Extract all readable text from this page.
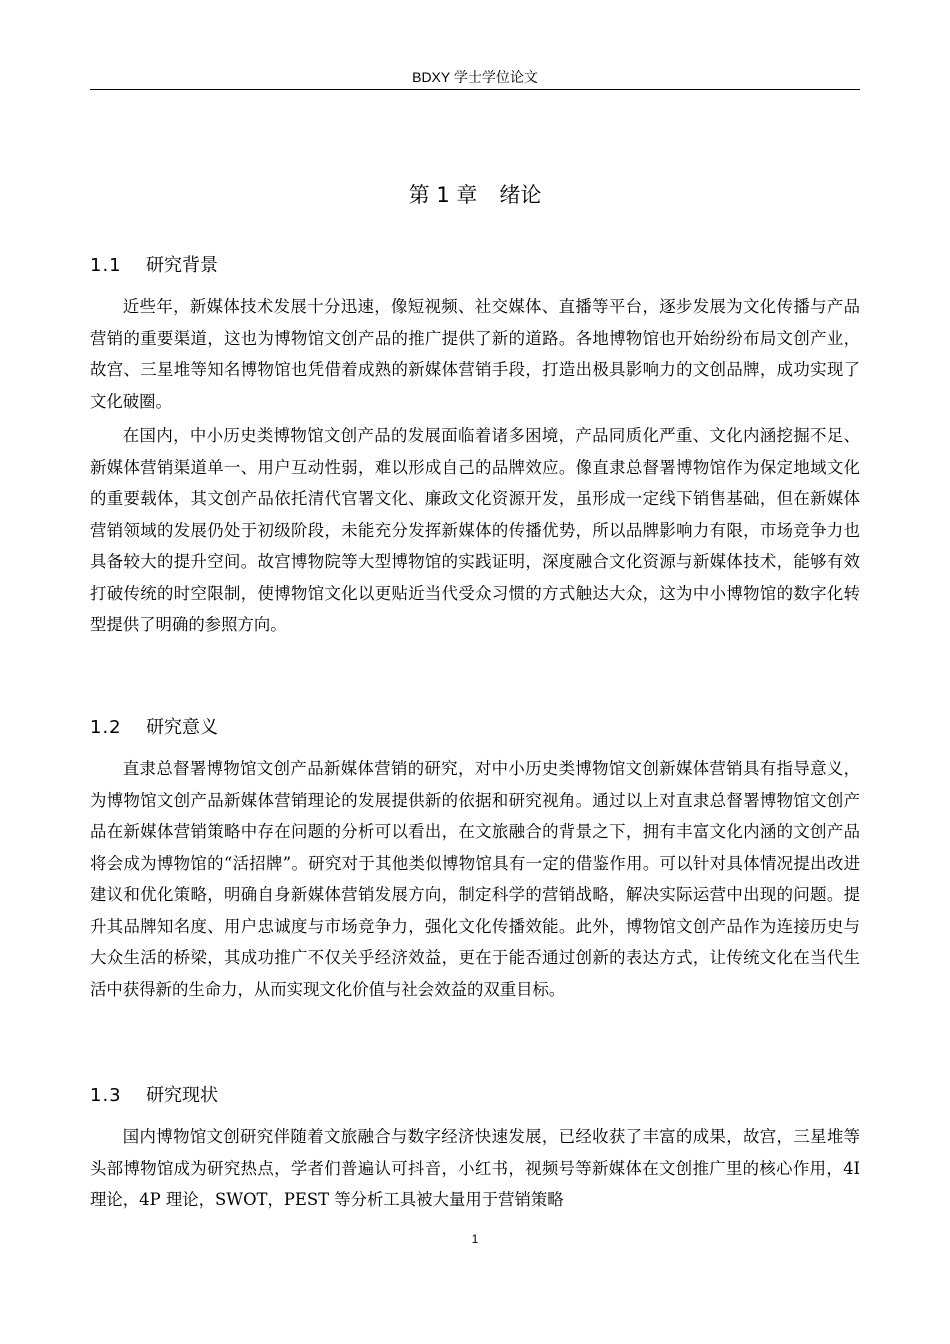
BDXY 学士学位论文
第 1 章 绪论
1.1 研究背景

近些年，新媒体技术发展十分迅速，像短视频、社交媒体、直播等平台，逐步发展为文化传播与产品营销的重要渠道，这也为博物馆文创产品的推广提供了新的道路。各地博物馆也开始纷纷布局文创产业，故宫、三星堆等知名博物馆也凭借着成熟的新媒体营销手段，打造出极具影响力的文创品牌，成功实现了文化破圈。

在国内，中小历史类博物馆文创产品的发展面临着诸多困境，产品同质化严重、文化内涵挖掘不足、新媒体营销渠道单一、用户互动性弱，难以形成自己的品牌效应。像直隶总督署博物馆作为保定地域文化的重要载体，其文创产品依托清代官署文化、廉政文化资源开发，虽形成一定线下销售基础，但在新媒体营销领域的发展仍处于初级阶段，未能充分发挥新媒体的传播优势，所以品牌影响力有限，市场竞争力也具备较大的提升空间。故宫博物院等大型博物馆的实践证明，深度融合文化资源与新媒体技术，能够有效打破传统的时空限制，使博物馆文化以更贴近当代受众习惯的方式触达大众，这为中小博物馆的数字化转型提供了明确的参照方向。

1.2 研究意义

直隶总督署博物馆文创产品新媒体营销的研究，对中小历史类博物馆文创新媒体营销具有指导意义，为博物馆文创产品新媒体营销理论的发展提供新的依据和研究视角。通过以上对直隶总督署博物馆文创产品在新媒体营销策略中存在问题的分析可以看出，在文旅融合的背景之下，拥有丰富文化内涵的文创产品将会成为博物馆的“活招牌”。研究对于其他类似博物馆具有一定的借鉴作用。可以针对具体情况提出改进建议和优化策略，明确自身新媒体营销发展方向，制定科学的营销战略，解决实际运营中出现的问题。提升其品牌知名度、用户忠诚度与市场竞争力，强化文化传播效能。此外，博物馆文创产品作为连接历史与大众生活的桥梁，其成功推广不仅关乎经济效益，更在于能否通过创新的表达方式，让传统文化在当代生活中获得新的生命力，从而实现文化价值与社会效益的双重目标。

1.3 研究现状

国内博物馆文创研究伴随着文旅融合与数字经济快速发展，已经收获了丰富的成果，故宫，三星堆等头部博物馆成为研究热点，学者们普遍认可抖音，小红书，视频号等新媒体在文创推广里的核心作用，4I 理论，4P 理论，SWOT，PEST 等分析工具被大量用于营销策略

1
